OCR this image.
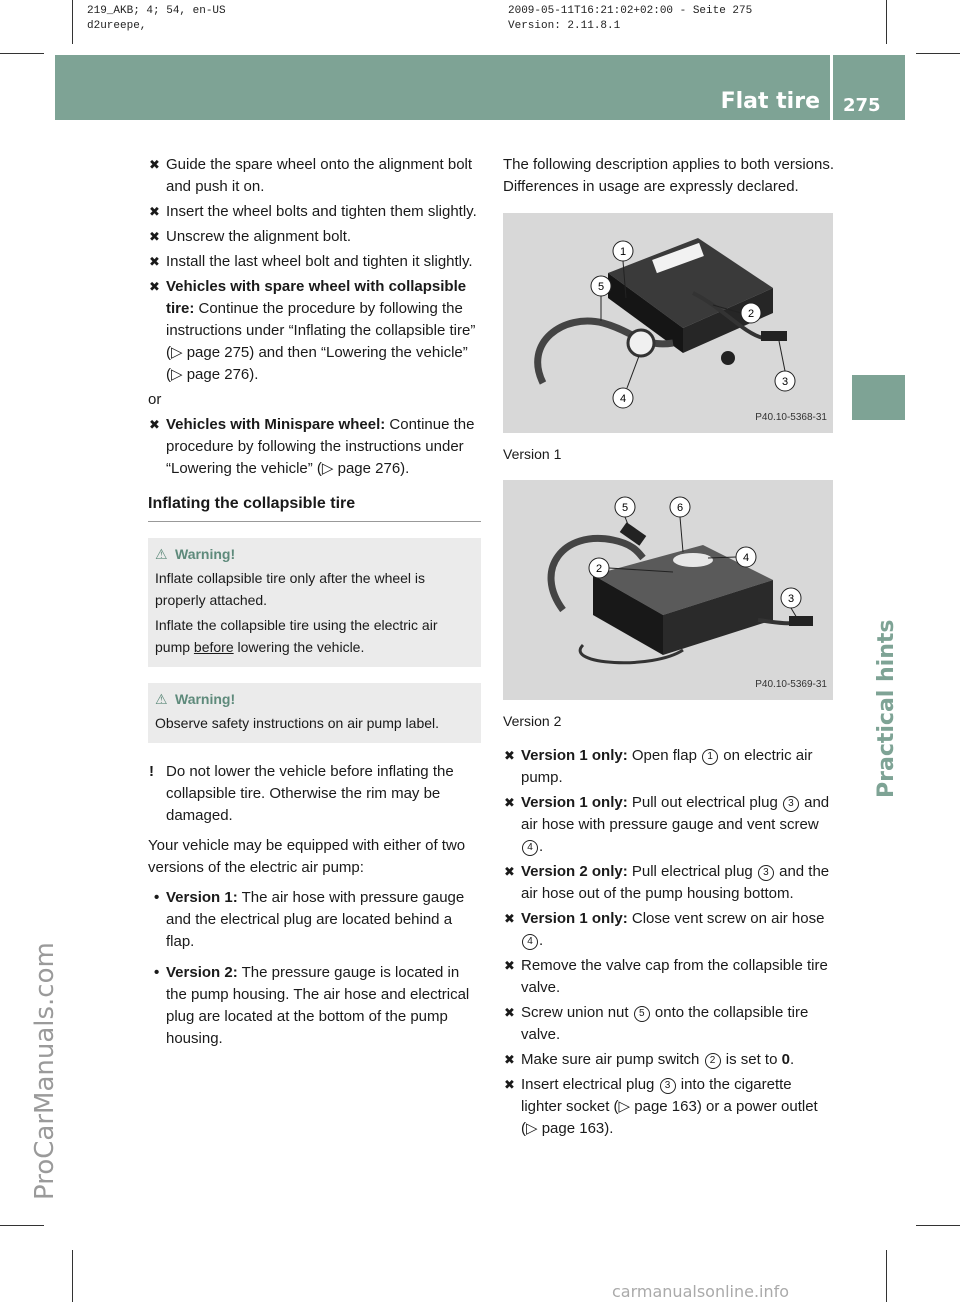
219_AKB; 4; 54, en-US
d2ureepe,
2009-05-11T16:21:02+02:00 - Seite 275
Version: 2.11.8.1
Flat tire 275
Practical hints
ProCarManuals.com
carmanualsonline.info
✖ Guide the spare wheel onto the alignment bolt and push it on.
✖ Insert the wheel bolts and tighten them slightly.
✖ Unscrew the alignment bolt.
✖ Install the last wheel bolt and tighten it slightly.
✖ Vehicles with spare wheel with collapsible tire: Continue the procedure by following the instructions under “Inflating the collapsible tire” (▷ page 275) and then “Lowering the vehicle” (▷ page 276).
or
✖ Vehicles with Minispare wheel: Continue the procedure by following the instructions under “Lowering the vehicle” (▷ page 276).
Inflating the collapsible tire
⚠ Warning!

Inflate collapsible tire only after the wheel is properly attached.

Inflate the collapsible tire using the electric air pump before lowering the vehicle.

⚠ Warning!

Observe safety instructions on air pump label.

! Do not lower the vehicle before inflating the collapsible tire. Otherwise the rim may be damaged.
Your vehicle may be equipped with either of two versions of the electric air pump:
• Version 1: The air hose with pressure gauge and the electrical plug are located behind a flap.
• Version 2: The pressure gauge is located in the pump housing. The air hose and electrical plug are located at the bottom of the pump housing.
The following description applies to both versions. Differences in usage are expressly declared.
1
2
3
4
5
P40.10-5368-31
Version 1
2
3
4
5	6
P40.10-5369-31
Version 2
✖ Version 1 only: Open flap 1 on electric air pump.
✖ Version 1 only: Pull out electrical plug 3 and air hose with pressure gauge and vent screw 4 .
✖ Version 2 only: Pull electrical plug 3 and the air hose out of the pump housing bottom.
✖ Version 1 only: Close vent screw on air hose 4 .
✖ Remove the valve cap from the collapsible tire valve.
✖ Screw union nut 5 onto the collapsible tire valve.
✖ Make sure air pump switch 2 is set to 0.
✖ Insert electrical plug 3 into the cigarette lighter socket (▷ page 163) or a power outlet (▷ page 163).
